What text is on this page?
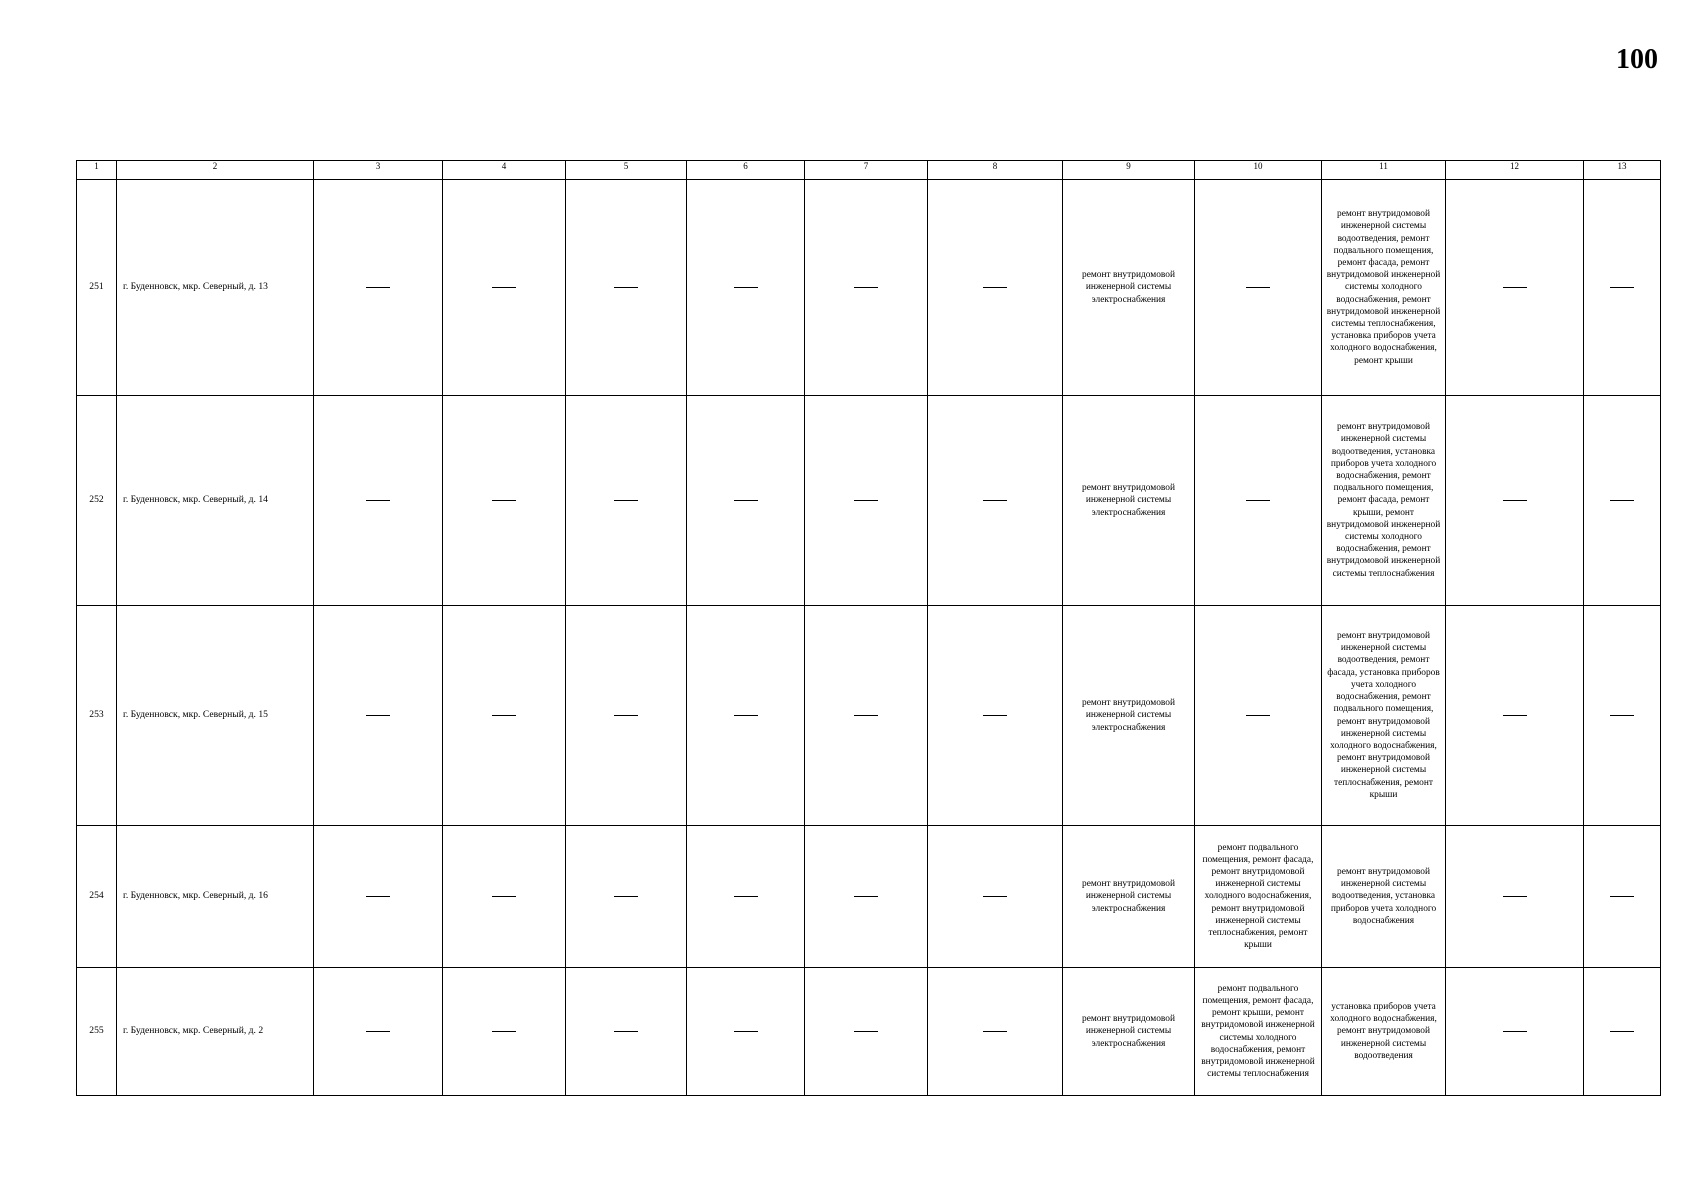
100
1	2	3	4	5	6	7	8	9	10	11	12	13
251	г. Буденновск, мкр. Северный, д. 13							ремонт внутридомовой инженерной системы электроснабжения		ремонт внутридомовой инженерной системы водоотведения, ремонт подвального помещения, ремонт фасада, ремонт внутридомовой инженерной системы холодного водоснабжения, ремонт внутридомовой инженерной системы теплоснабжения, установка приборов учета холодного водоснабжения, ремонт крыши		
252	г. Буденновск, мкр. Северный, д. 14							ремонт внутридомовой инженерной системы электроснабжения		ремонт внутридомовой инженерной системы водоотведения, установка приборов учета холодного водоснабжения, ремонт подвального помещения, ремонт фасада, ремонт крыши, ремонт внутридомовой инженерной системы холодного водоснабжения, ремонт внутридомовой инженерной системы теплоснабжения		
253	г. Буденновск, мкр. Северный, д. 15							ремонт внутридомовой инженерной системы электроснабжения		ремонт внутридомовой инженерной системы водоотведения, ремонт фасада, установка приборов учета холодного водоснабжения, ремонт подвального помещения, ремонт внутридомовой инженерной системы холодного водоснабжения, ремонт внутридомовой инженерной системы теплоснабжения, ремонт крыши		
254	г. Буденновск, мкр. Северный, д. 16							ремонт внутридомовой инженерной системы электроснабжения	ремонт подвального помещения, ремонт фасада, ремонт внутридомовой инженерной системы холодного водоснабжения, ремонт внутридомовой инженерной системы теплоснабжения, ремонт крыши	ремонт внутридомовой инженерной системы водоотведения, установка приборов учета холодного водоснабжения		
255	г. Буденновск, мкр. Северный, д. 2							ремонт внутридомовой инженерной системы электроснабжения	ремонт подвального помещения, ремонт фасада, ремонт крыши, ремонт внутридомовой инженерной системы холодного водоснабжения, ремонт внутридомовой инженерной системы теплоснабжения	установка приборов учета холодного водоснабжения, ремонт внутридомовой инженерной системы водоотведения		
